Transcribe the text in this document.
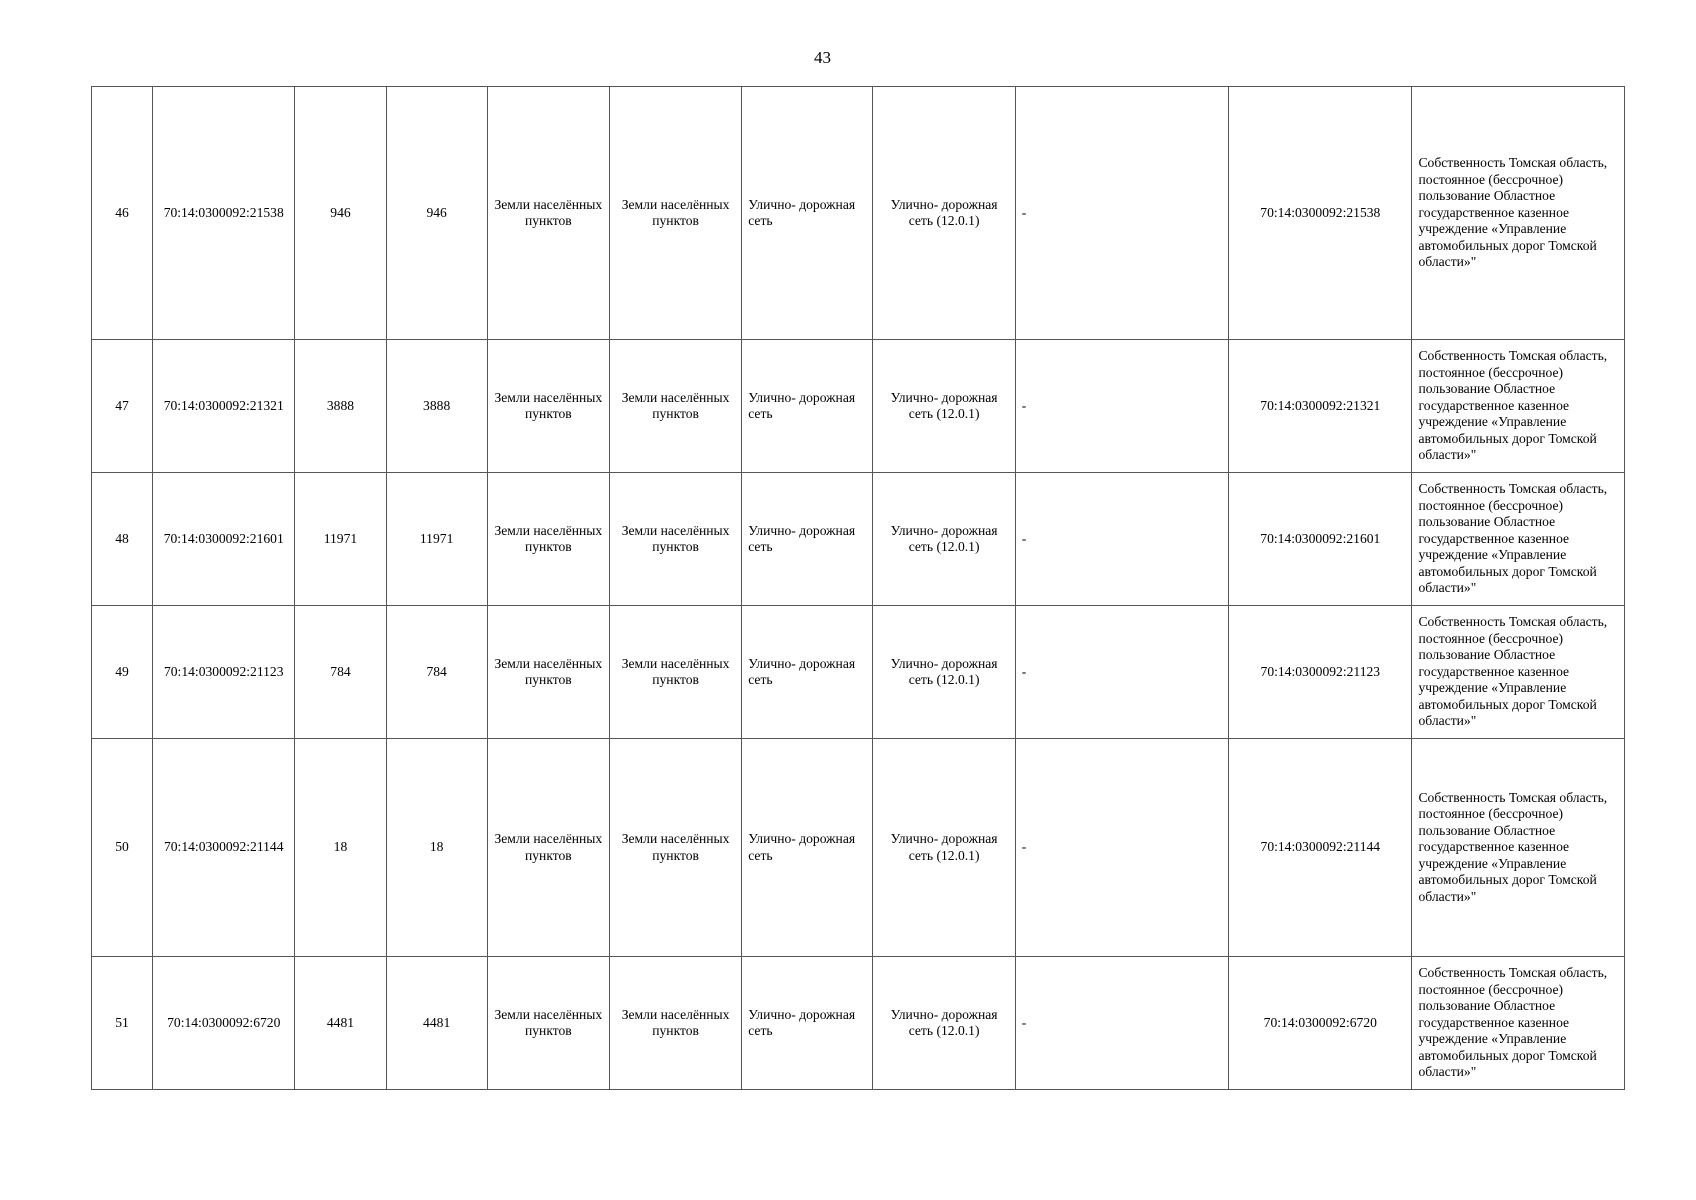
43
46	70:14:0300092:21538	946	946	Земли населённых пунктов	Земли населённых пунктов	Улично- дорожная сеть	Улично- дорожная сеть (12.0.1)	-	70:14:0300092:21538	Собственность Томская область, постоянное (бессрочное) пользование Областное государственное казенное учреждение «Управление автомобильных дорог Томской области»"

47	70:14:0300092:21321	3888	3888	Земли населённых пунктов	Земли населённых пунктов	Улично- дорожная сеть	Улично- дорожная сеть (12.0.1)	-	70:14:0300092:21321	Собственность Томская область, постоянное (бессрочное) пользование Областное государственное казенное учреждение «Управление автомобильных дорог Томской области»"

48	70:14:0300092:21601	11971	11971	Земли населённых пунктов	Земли населённых пунктов	Улично- дорожная сеть	Улично- дорожная сеть (12.0.1)	-	70:14:0300092:21601	Собственность Томская область, постоянное (бессрочное) пользование Областное государственное казенное учреждение «Управление автомобильных дорог Томской области»"

49	70:14:0300092:21123	784	784	Земли населённых пунктов	Земли населённых пунктов	Улично- дорожная сеть	Улично- дорожная сеть (12.0.1)	-	70:14:0300092:21123	Собственность Томская область, постоянное (бессрочное) пользование Областное государственное казенное учреждение «Управление автомобильных дорог Томской области»"

50	70:14:0300092:21144	18	18	Земли населённых пунктов	Земли населённых пунктов	Улично- дорожная сеть	Улично- дорожная сеть (12.0.1)	-	70:14:0300092:21144	Собственность Томская область, постоянное (бессрочное) пользование Областное государственное казенное учреждение «Управление автомобильных дорог Томской области»"

51	70:14:0300092:6720	4481	4481	Земли населённых пунктов	Земли населённых пунктов	Улично- дорожная сеть	Улично- дорожная сеть (12.0.1)	-	70:14:0300092:6720	Собственность Томская область, постоянное (бессрочное) пользование Областное государственное казенное учреждение «Управление автомобильных дорог Томской области»"
